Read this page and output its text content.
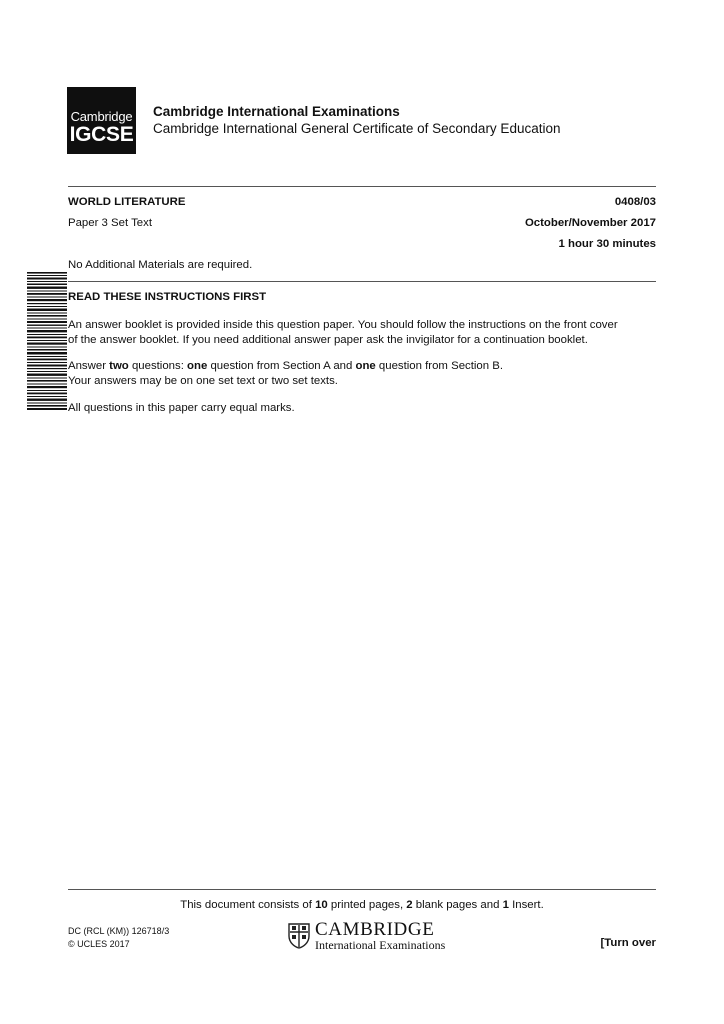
Cambridge
IGCSE
Cambridge International Examinations
Cambridge International General Certificate of Secondary Education
WORLD LITERATURE	0408/03
Paper 3 Set Text	October/November 2017
1 hour 30 minutes
No Additional Materials are required.
READ THESE INSTRUCTIONS FIRST
An answer booklet is provided inside this question paper. You should follow the instructions on the front cover
of the answer booklet. If you need additional answer paper ask the invigilator for a continuation booklet.
Answer two questions: one question from Section A and one question from Section B.
Your answers may be on one set text or two set texts.
All questions in this paper carry equal marks.
This document consists of 10 printed pages, 2 blank pages and 1 Insert.
DC (RCL (KM)) 126718/3
© UCLES 2017
CAMBRIDGE
International Examinations	[Turn over
